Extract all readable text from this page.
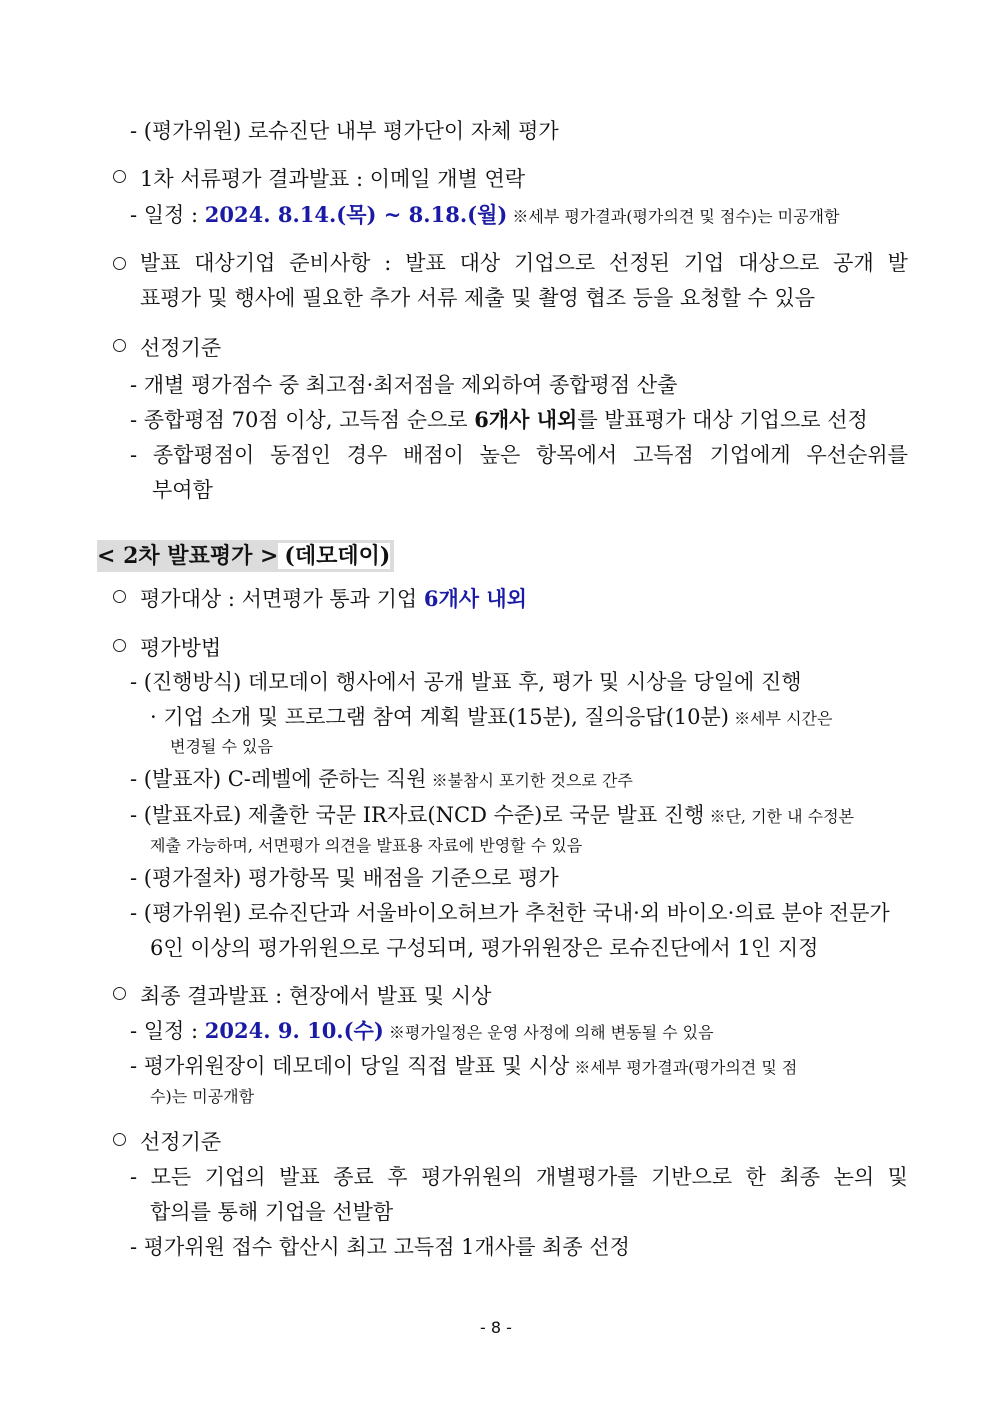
- (평가위원) 로슈진단 내부 평가단이 자체 평가
1차 서류평가 결과발표 : 이메일 개별 연락
- 일정 : 2024. 8.14.(목) ~ 8.18.(월) ※세부 평가결과(평가의견 및 점수)는 미공개함
발표 대상기업 준비사항 : 발표 대상 기업으로 선정된 기업 대상으로 공개 발
표평가 및 행사에 필요한 추가 서류 제출 및 촬영 협조 등을 요청할 수 있음
선정기준
- 개별 평가점수 중 최고점·최저점을 제외하여 종합평점 산출
- 종합평점 70점 이상, 고득점 순으로 6개사 내외를 발표평가 대상 기업으로 선정
- 종합평점이 동점인 경우 배점이 높은 항목에서 고득점 기업에게 우선순위를
부여함
< 2차 발표평가 > (데모데이)
평가대상 : 서면평가 통과 기업 6개사 내외
평가방법
- (진행방식) 데모데이 행사에서 공개 발표 후, 평가 및 시상을 당일에 진행
· 기업 소개 및 프로그램 참여 계획 발표(15분), 질의응답(10분) ※세부 시간은
변경될 수 있음
- (발표자) C-레벨에 준하는 직원 ※불참시 포기한 것으로 간주
- (발표자료) 제출한 국문 IR자료(NCD 수준)로 국문 발표 진행 ※단, 기한 내 수정본
제출 가능하며, 서면평가 의견을 발표용 자료에 반영할 수 있음
- (평가절차) 평가항목 및 배점을 기준으로 평가
- (평가위원) 로슈진단과 서울바이오허브가 추천한 국내·외 바이오·의료 분야 전문가
6인 이상의 평가위원으로 구성되며, 평가위원장은 로슈진단에서 1인 지정
최종 결과발표 : 현장에서 발표 및 시상
- 일정 : 2024. 9. 10.(수) ※평가일정은 운영 사정에 의해 변동될 수 있음
- 평가위원장이 데모데이 당일 직접 발표 및 시상 ※세부 평가결과(평가의견 및 점
수)는 미공개함
선정기준
- 모든 기업의 발표 종료 후 평가위원의 개별평가를 기반으로 한 최종 논의 및
합의를 통해 기업을 선발함
- 평가위원 접수 합산시 최고 고득점 1개사를 최종 선정
- 8 -
